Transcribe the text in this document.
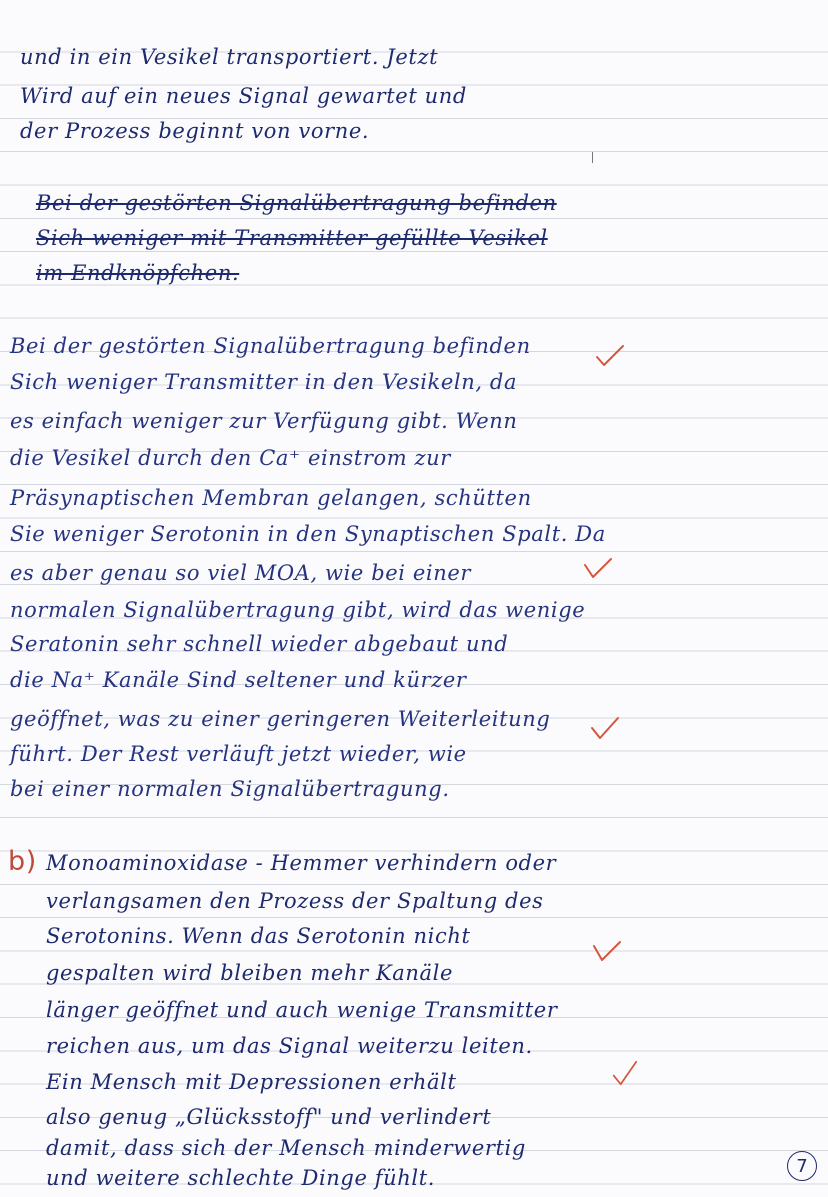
und in ein Vesikel transportiert. Jetzt
Wird auf ein neues Signal gewartet und
der Prozess beginnt von vorne.
Bei der gestörten Signalübertragung befinden
Sich weniger mit Transmitter gefüllte Vesikel
im Endknöpfchen.
Bei der gestörten Signalübertragung befinden
Sich weniger Transmitter in den Vesikeln, da
es einfach weniger zur Verfügung gibt. Wenn
die Vesikel durch den Ca⁺ einstrom zur
Präsynaptischen Membran gelangen, schütten
Sie weniger Serotonin in den Synaptischen Spalt. Da
es aber genau so viel MOA, wie bei einer
normalen Signalübertragung gibt, wird das wenige
Seratonin sehr schnell wieder abgebaut und
die Na⁺ Kanäle Sind seltener und kürzer
geöffnet, was zu einer geringeren Weiterleitung
führt. Der Rest verläuft jetzt wieder, wie
bei einer normalen Signalübertragung.
b) Monoaminoxidase - Hemmer verhindern oder
verlangsamen den Prozess der Spaltung des
Serotonins. Wenn das Serotonin nicht
gespalten wird bleiben mehr Kanäle
länger geöffnet und auch wenige Transmitter
reichen aus, um das Signal weiterzu leiten.
Ein Mensch mit Depressionen erhält
also genug „Glücksstoff" und verlindert
damit, dass sich der Mensch minderwertig
und weitere schlechte Dinge fühlt.	7
